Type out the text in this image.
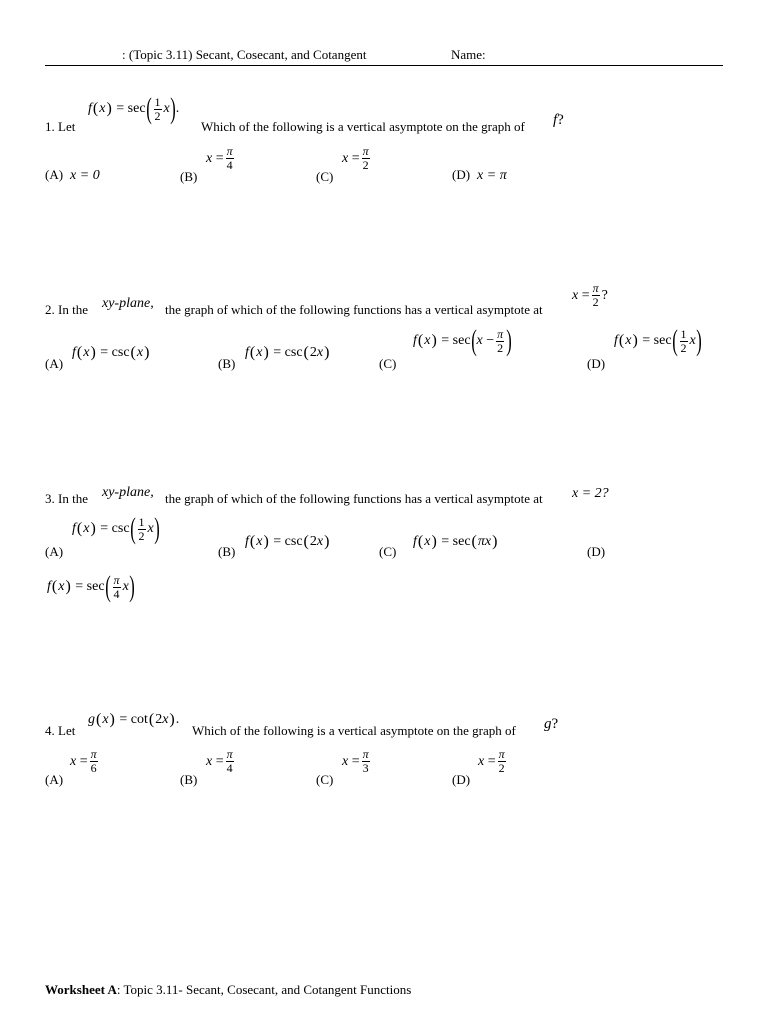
: (Topic 3.11) Secant, Cosecant, and Cotangent	Name:
1. Let
f ( x ) = sec ( $\frac{1}{2}$ x ) .
Which of the following is a vertical asymptote on the graph of f?
(A) x = 0	(B)
$x = \frac{\pi}{4}$
(C)
$x = \frac{\pi}{2}$
(D) x = π
2. In the xy-plane, the graph of which of the following functions has a vertical asymptote at
$x = \frac{\pi}{2}$ ?
(A)
f ( x ) = csc ( x )
(B)
f ( x ) = csc ( 2 x )
(C)
f ( x ) = sec ( $x - \frac{\pi}{2}$ )
(D)
f ( x ) = sec ( $\frac{1}{2}$ x )
3. In the xy-plane, the graph of which of the following functions has a vertical asymptote at x = 2?
(A)
f ( x ) = csc ( $\frac{1}{2}$ x )
(B)
f ( x ) = csc ( 2 x )
(C)
f ( x ) = sec ( πx )
(D)
f ( x ) = sec ( $\frac{\pi}{4}$ x )
4. Let
g ( x ) = cot ( 2 x ) .
Which of the following is a vertical asymptote on the graph of g?
(A)
$x = \frac{\pi}{6}$
(B)
$x = \frac{\pi}{4}$
(C)
$x = \frac{\pi}{3}$
(D)
$x = \frac{\pi}{2}$
Worksheet A: Topic 3.11- Secant, Cosecant, and Cotangent Functions
